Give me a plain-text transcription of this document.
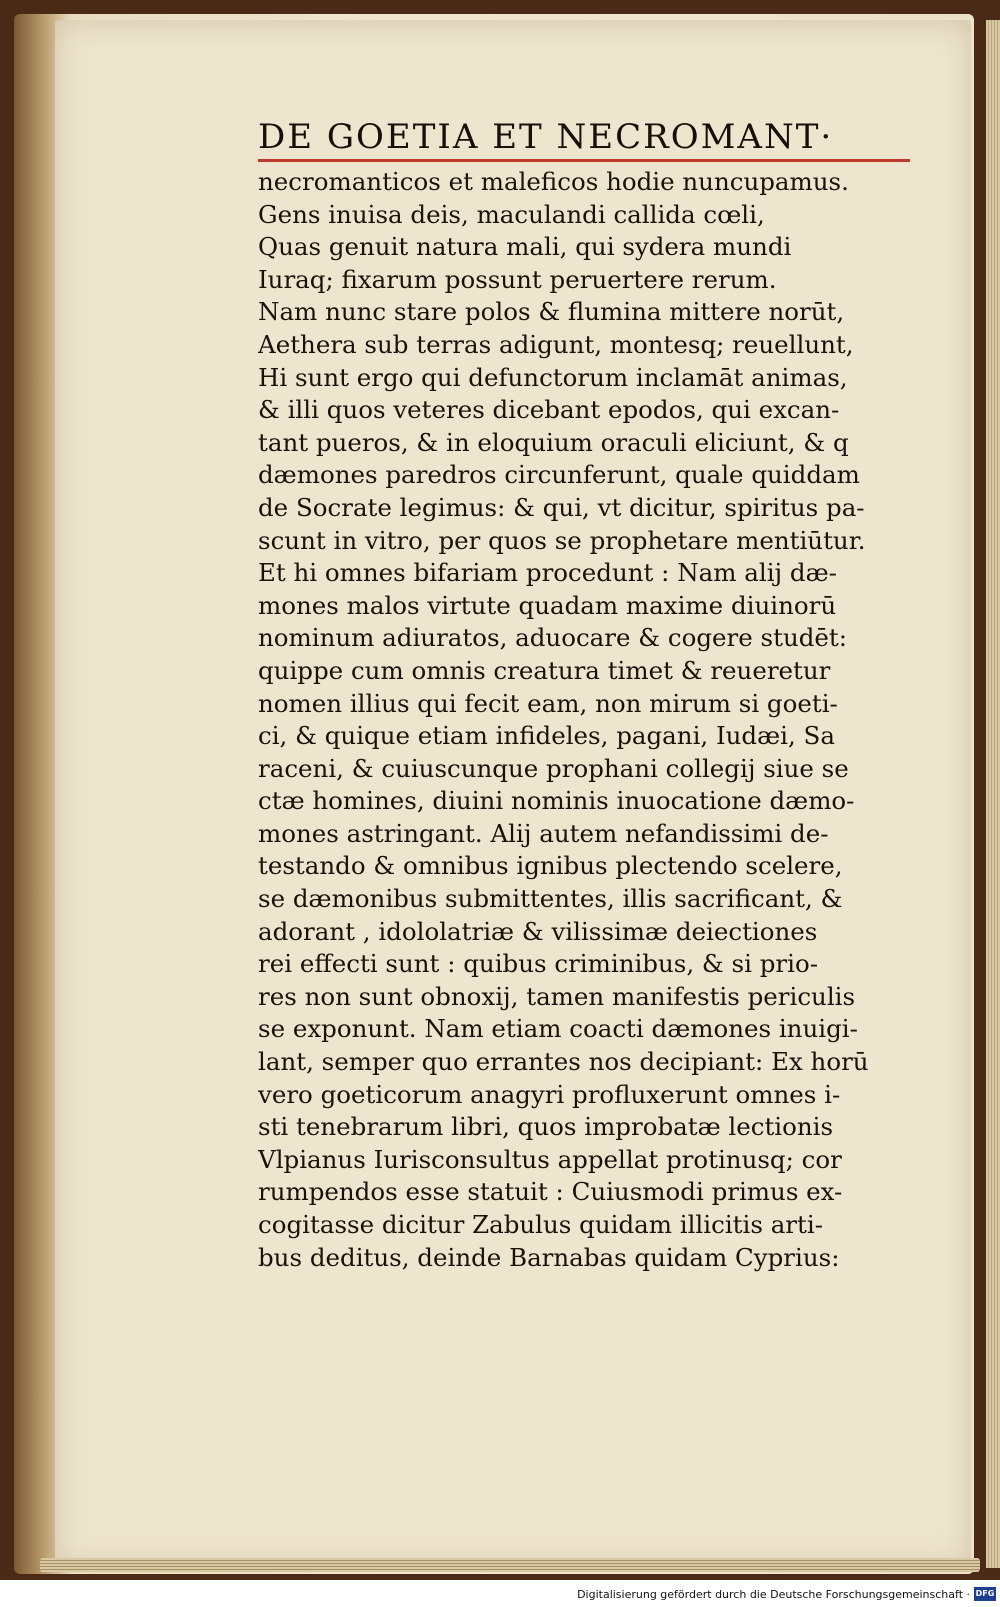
DE GOETIA ET NECROMANT·
necromanticos et maleficos hodie nuncupamus.
Gens inuisa deis, maculandi callida cœli,
Quas genuit natura mali, qui sydera mundi
Iuraq; fixarum possunt peruertere rerum.
Nam nunc stare polos & flumina mittere norūt,
Aethera sub terras adigunt, montesq; reuellunt,
Hi sunt ergo qui defunctorum inclamāt animas,
& illi quos veteres dicebant epodos, qui excan-
tant pueros, & in eloquium oraculi eliciunt, & q
dæmones paredros circunferunt, quale quiddam
de Socrate legimus: & qui, vt dicitur, spiritus pa-
scunt in vitro, per quos se prophetare mentiūtur.
Et hi omnes bifariam procedunt : Nam alij dæ-
mones malos virtute quadam maxime diuinorū
nominum adiuratos, aduocare & cogere studēt:
quippe cum omnis creatura timet & reueretur
nomen illius qui fecit eam, non mirum si goeti-
ci, & quique etiam infideles, pagani, Iudæi, Sa
raceni, & cuiuscunque prophani collegij siue se
ctæ homines, diuini nominis inuocatione dæmo-
mones astringant. Alij autem nefandissimi de-
testando & omnibus ignibus plectendo scelere,
se dæmonibus submittentes, illis sacrificant, &
adorant , idololatriæ & vilissimæ deiectiones
rei effecti sunt : quibus criminibus, & si prio-
res non sunt obnoxij, tamen manifestis periculis
se exponunt. Nam etiam coacti dæmones inuigi-
lant, semper quo errantes nos decipiant: Ex horū
vero goeticorum anagyri profluxerunt omnes i-
sti tenebrarum libri, quos improbatæ lectionis
Vlpianus Iurisconsultus appellat protinusq; cor
rumpendos esse statuit : Cuiusmodi primus ex-
cogitasse dicitur Zabulus quidam illicitis arti-
bus deditus, deinde Barnabas quidam Cyprius:
Digitalisierung gefördert durch die Deutsche Forschungsgemeinschaft · DFG
